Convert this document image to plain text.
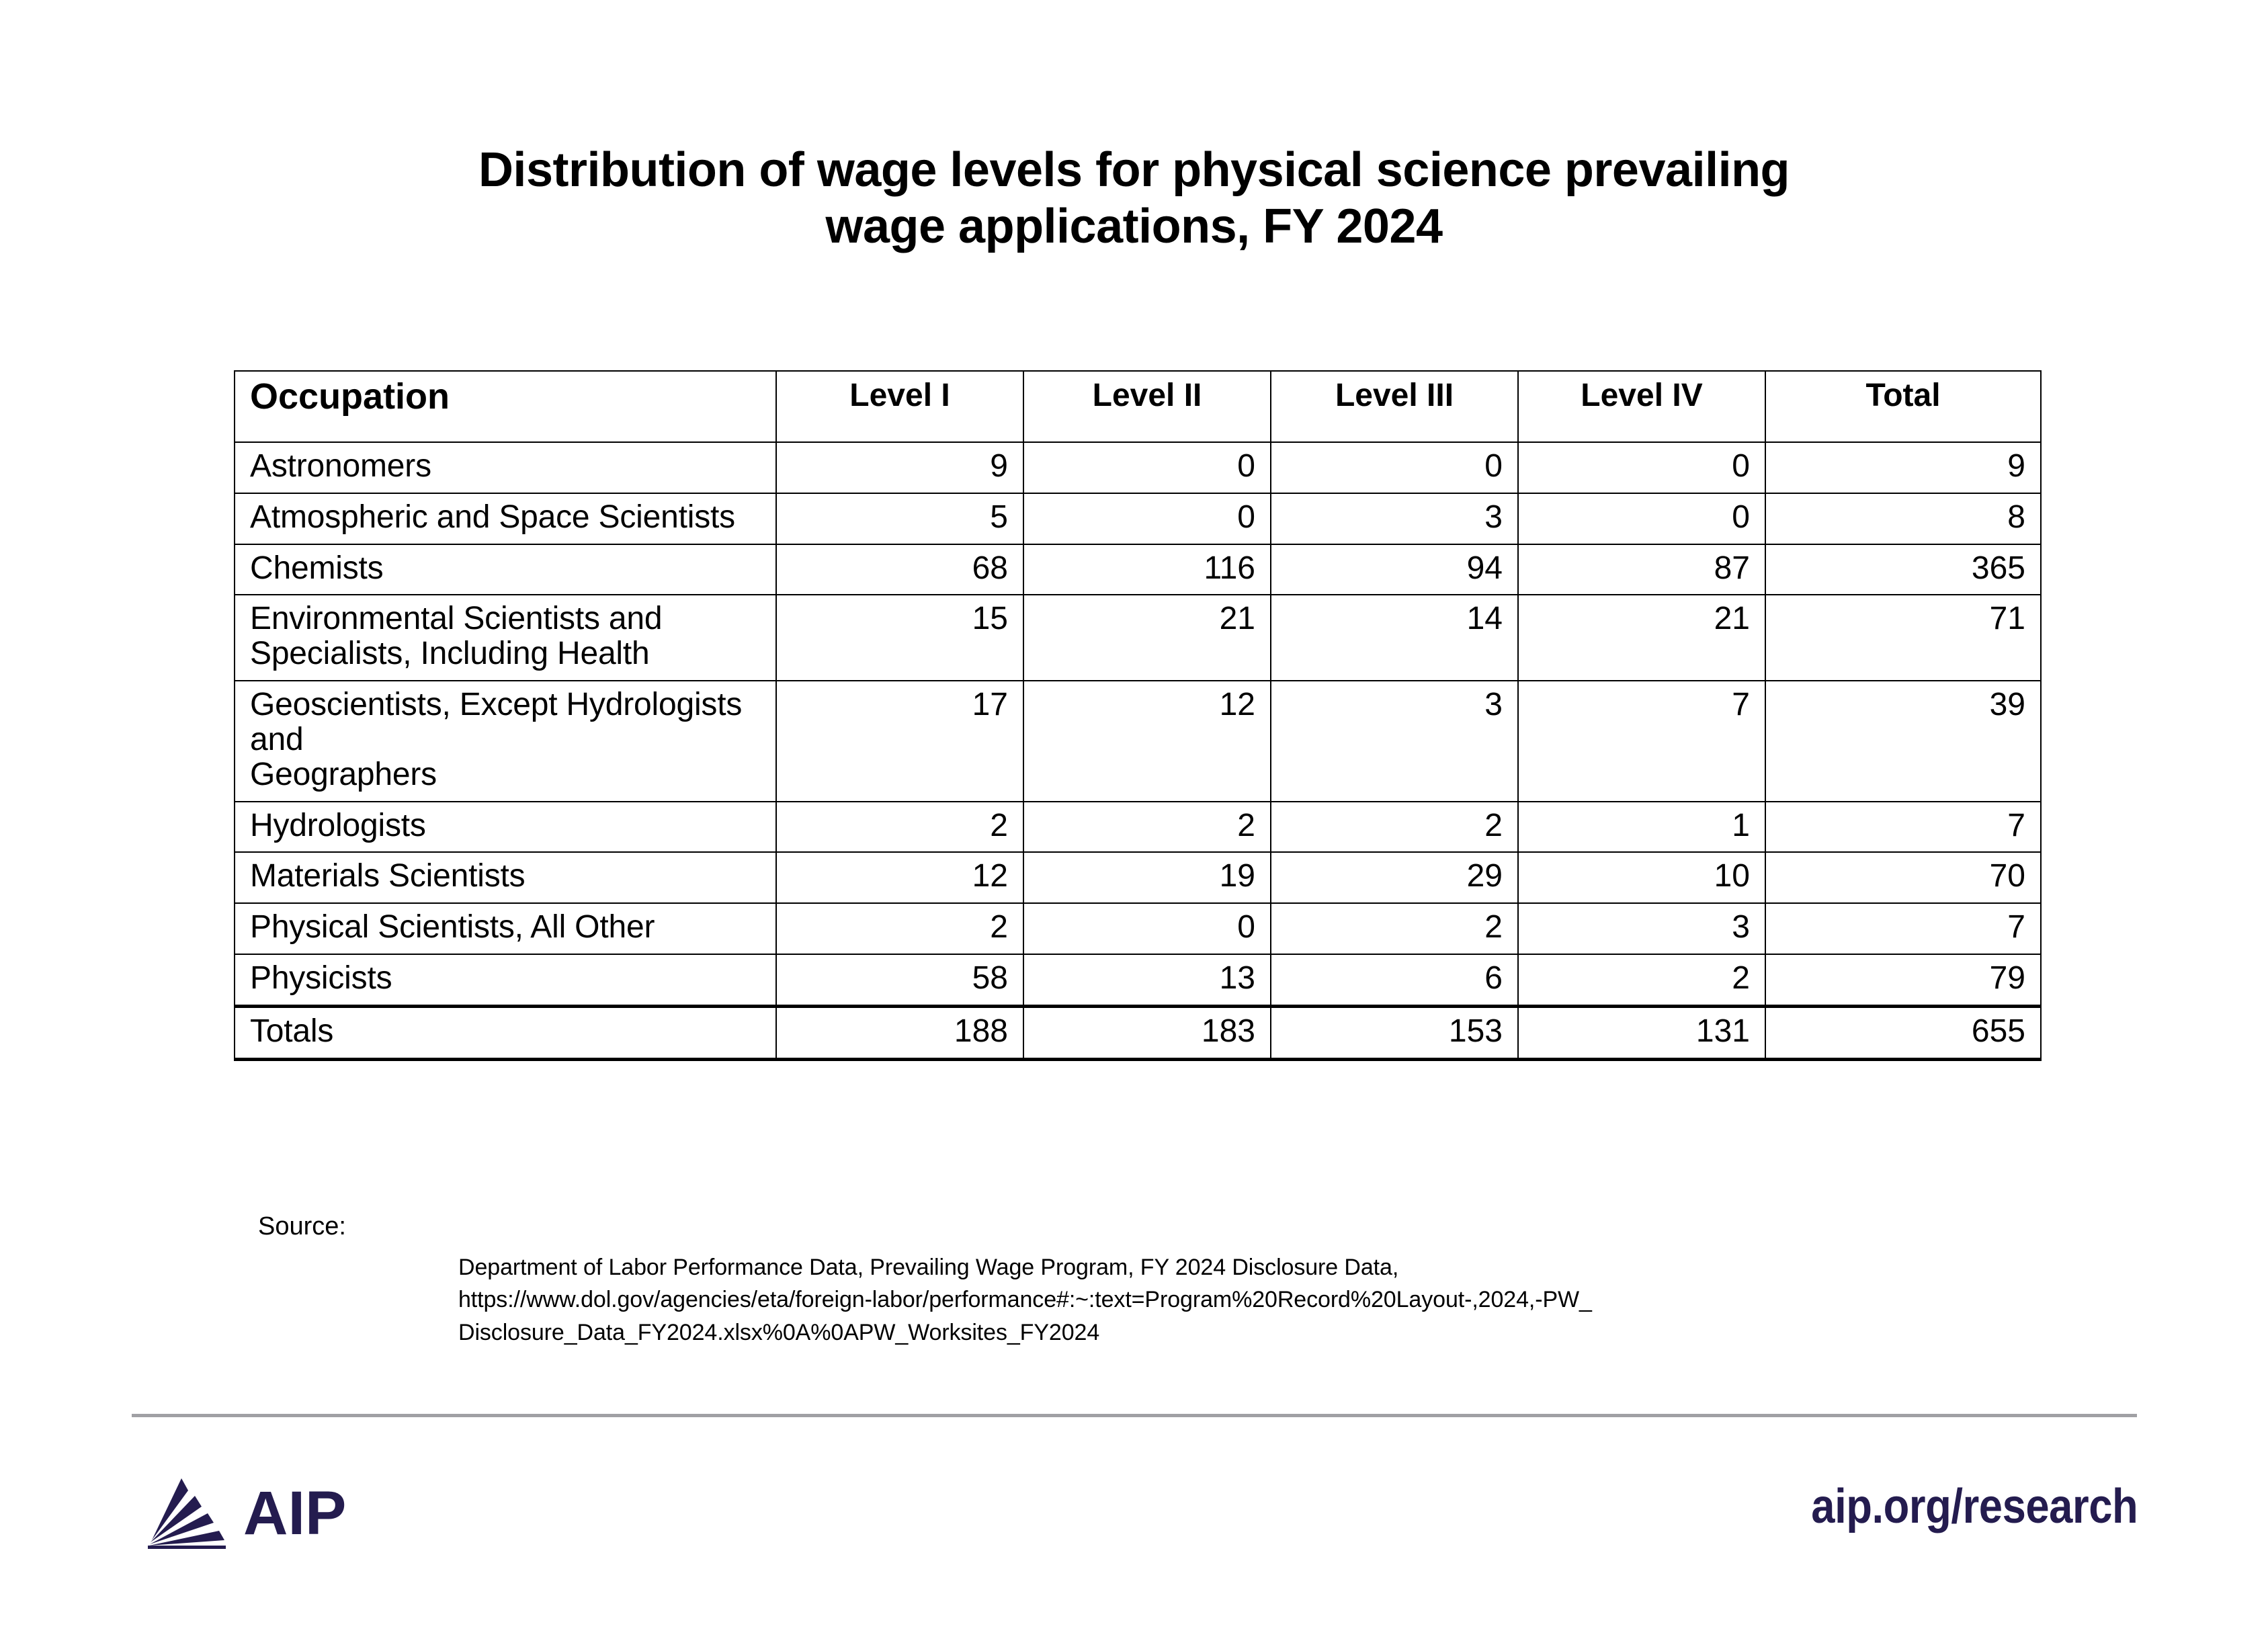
Distribution of wage levels for physical science prevailing
wage applications, FY 2024
Occupation	Level I	Level II	Level III	Level IV	Total

Astronomers	9	0	0	0	9

Atmospheric and Space Scientists	5	0	3	0	8

Chemists	68	116	94	87	365

Environmental Scientists and
Specialists, Including Health	15	21	14	21	71

Geoscientists, Except Hydrologists and
Geographers	17	12	3	7	39

Hydrologists	2	2	2	1	7

Materials Scientists	12	19	29	10	70

Physical Scientists, All Other	2	0	2	3	7

Physicists	58	13	6	2	79

Totals	188	183	153	131	655
Source:
Department of Labor Performance Data, Prevailing Wage Program, FY 2024 Disclosure Data,
https://www.dol.gov/agencies/eta/foreign-labor/performance#:~:text=Program%20Record%20Layout-,2024,-PW_
Disclosure_Data_FY2024.xlsx%0A%0APW_Worksites_FY2024
AIP	aip.org/research
